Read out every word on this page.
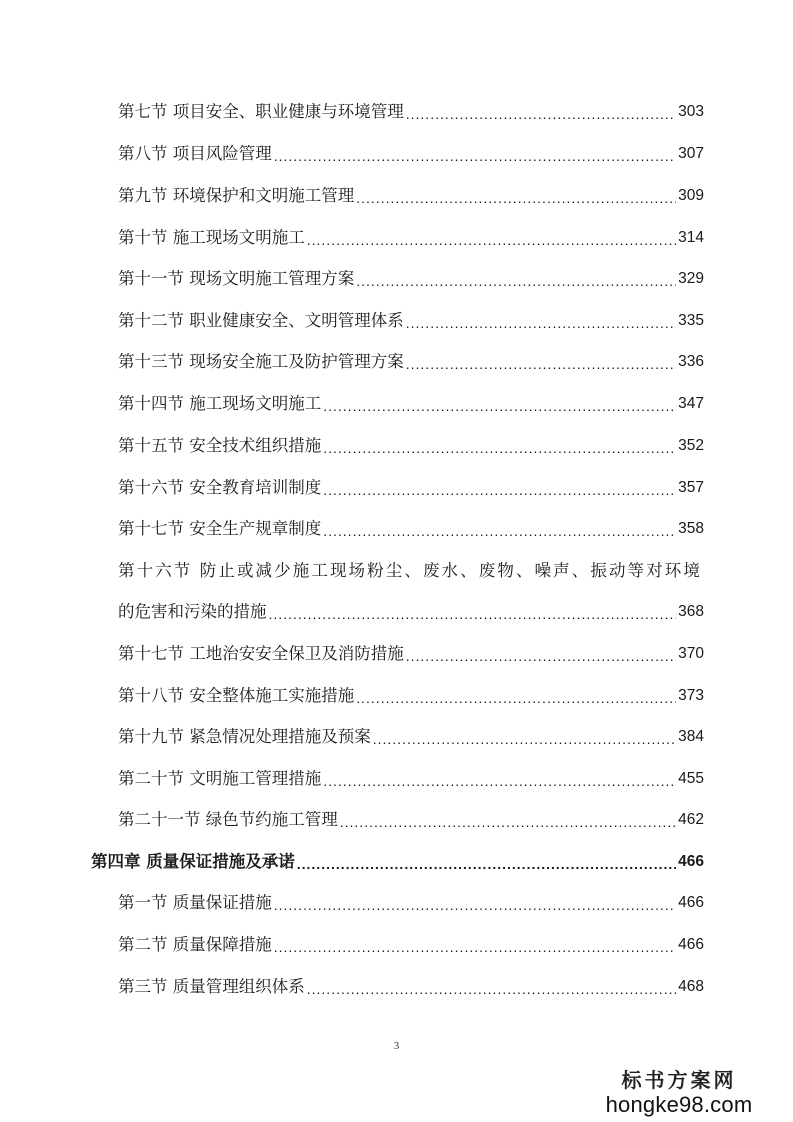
第七节 项目安全、职业健康与环境管理 .....	303
第八节 项目风险管理 .....	307
第九节 环境保护和文明施工管理 .....	309
第十节 施工现场文明施工 .....	314
第十一节 现场文明施工管理方案 .....	329
第十二节 职业健康安全、文明管理体系 .....	335
第十三节 现场安全施工及防护管理方案 .....	336
第十四节 施工现场文明施工 .....	347
第十五节 安全技术组织措施 .....	352
第十六节 安全教育培训制度 .....	357
第十七节 安全生产规章制度 .....	358
第十六节 防止或减少施工现场粉尘、废水、废物、噪声、振动等对环境
的危害和污染的措施 .....	368
第十七节 工地治安安全保卫及消防措施 .....	370
第十八节 安全整体施工实施措施 .....	373
第十九节 紧急情况处理措施及预案 .....	384
第二十节 文明施工管理措施 .....	455
第二十一节 绿色节约施工管理 .....	462
第四章 质量保证措施及承诺 .....	466
第一节 质量保证措施 .....	466
第二节 质量保障措施 .....	466
第三节 质量管理组织体系 .....	468
3
标书方案网
hongke98.com
